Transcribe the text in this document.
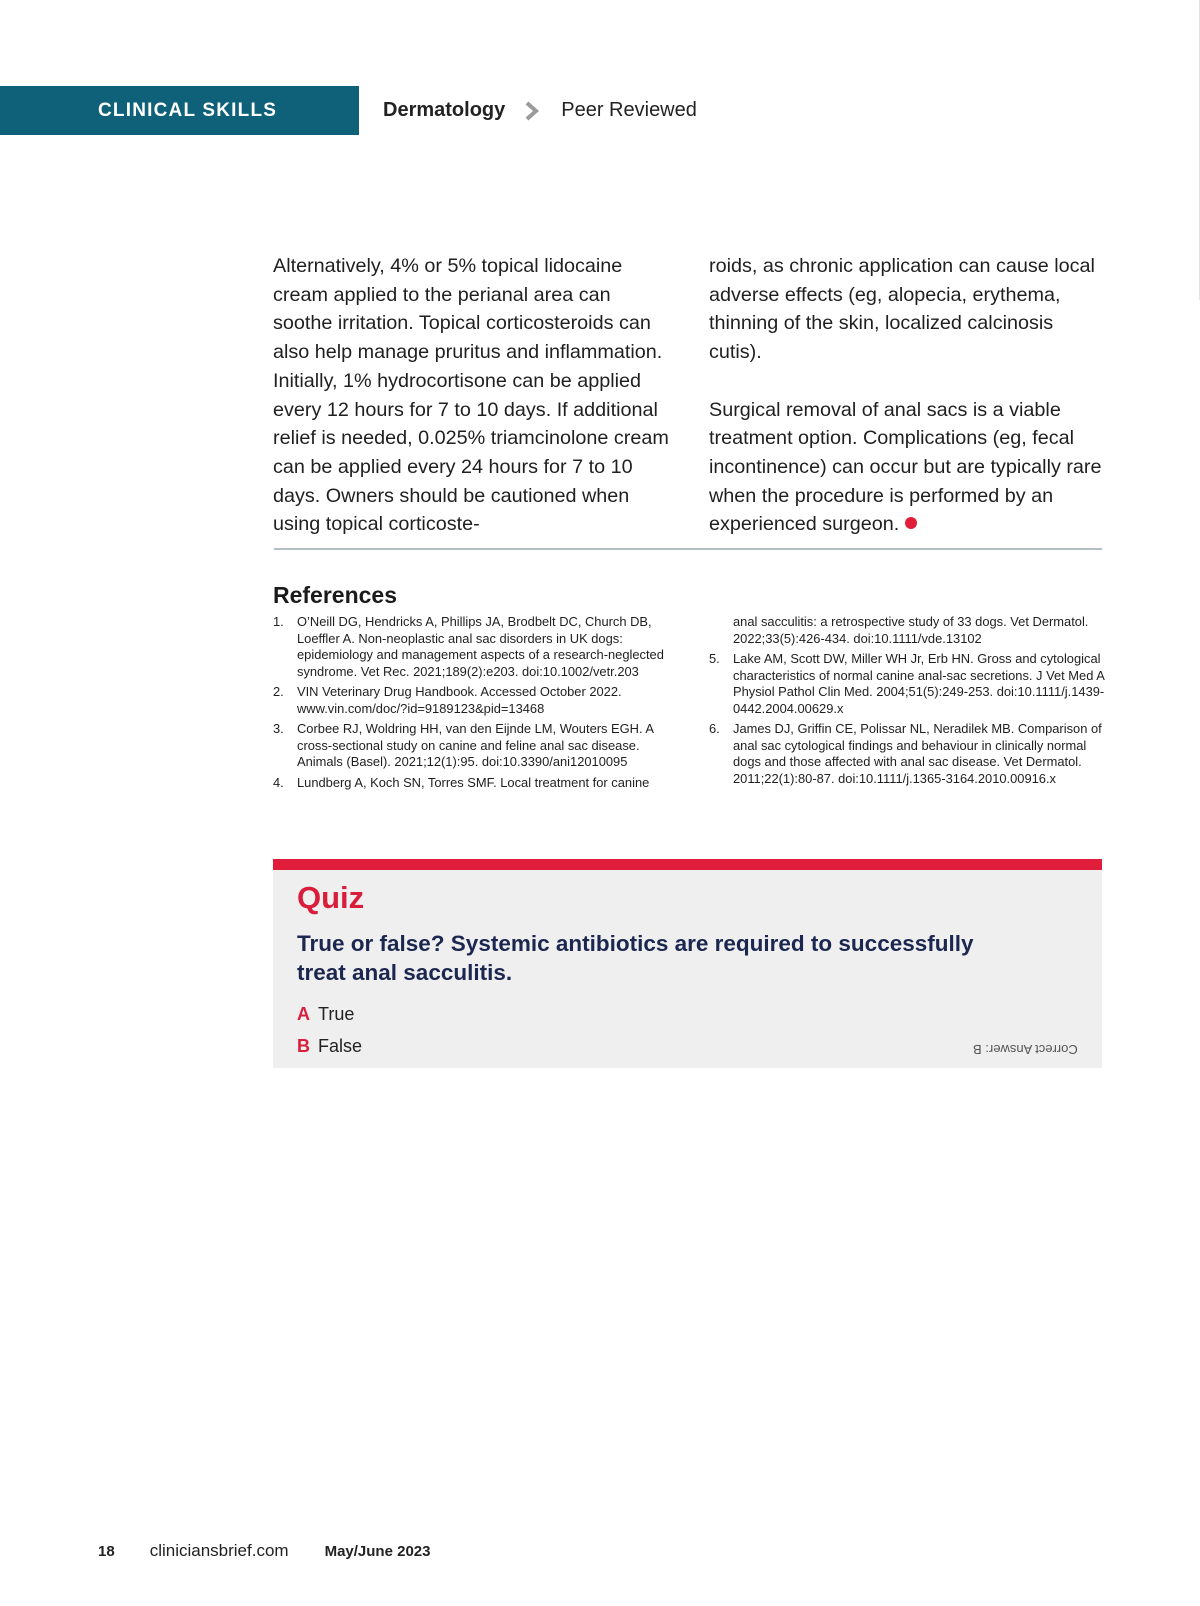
CLINICAL SKILLS	Dermatology	Peer Reviewed

Alternatively, 4% or 5% topical lidocaine cream applied to the perianal area can soothe irritation. Topical corticosteroids can also help manage pruritus and inflammation. Initially, 1% hydrocortisone can be applied every 12 hours for 7 to 10 days. If additional relief is needed, 0.025% triamcinolone cream can be applied every 24 hours for 7 to 10 days. Owners should be cautioned when using topical corticoste-

roids, as chronic application can cause local adverse effects (eg, alopecia, erythema, thinning of the skin, localized calcinosis cutis).

Surgical removal of anal sacs is a viable treatment option. Complications (eg, fecal incontinence) can occur but are typically rare when the procedure is performed by an experienced surgeon.

References
1. O’Neill DG, Hendricks A, Phillips JA, Brodbelt DC, Church DB, Loeffler A. Non-neoplastic anal sac disorders in UK dogs: epidemiology and management aspects of a research-neglected syndrome. Vet Rec. 2021;189(2):e203. doi:10.1002/vetr.203
2. VIN Veterinary Drug Handbook. Accessed October 2022. www.vin.com/doc/?id=9189123&pid=13468
3. Corbee RJ, Woldring HH, van den Eijnde LM, Wouters EGH. A cross-sectional study on canine and feline anal sac disease. Animals (Basel). 2021;12(1):95. doi:10.3390/ani12010095
4. Lundberg A, Koch SN, Torres SMF. Local treatment for canine
anal sacculitis: a retrospective study of 33 dogs. Vet Dermatol. 2022;33(5):426-434. doi:10.1111/vde.13102
5. Lake AM, Scott DW, Miller WH Jr, Erb HN. Gross and cytological characteristics of normal canine anal-sac secretions. J Vet Med A Physiol Pathol Clin Med. 2004;51(5):249-253. doi:10.1111/j.1439-0442.2004.00629.x
6. James DJ, Griffin CE, Polissar NL, Neradilek MB. Comparison of anal sac cytological findings and behaviour in clinically normal dogs and those affected with anal sac disease. Vet Dermatol. 2011;22(1):80-87. doi:10.1111/j.1365-3164.2010.00916.x
Quiz
True or false? Systemic antibiotics are required to successfully treat anal sacculitis.
A True
B False	Correct Answer: B
18 cliniciansbrief.com May/June 2023
